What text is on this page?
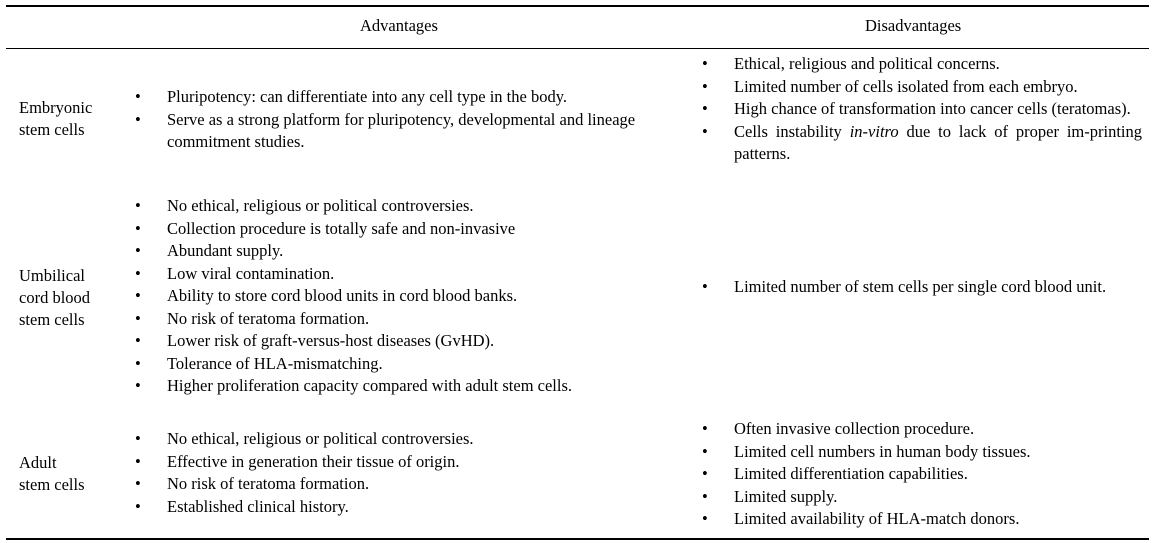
Advantages	Disadvantages
Embryonic
stem cells
• Pluripotency: can differentiate into any cell type in the body.
• Serve as a strong platform for pluripotency, developmental and lineage commitment studies.
• Ethical, religious and political concerns.
• Limited number of cells isolated from each embryo.
• High chance of transformation into cancer cells (teratomas).
• Cells instability in-vitro due to lack of proper im-printing patterns.
Umbilical
cord blood
stem cells
• No ethical, religious or political controversies.
• Collection procedure is totally safe and non-invasive
• Abundant supply.
• Low viral contamination.
• Ability to store cord blood units in cord blood banks.
• No risk of teratoma formation.
• Lower risk of graft-versus-host diseases (GvHD).
• Tolerance of HLA-mismatching.
• Higher proliferation capacity compared with adult stem cells.
• Limited number of stem cells per single cord blood unit.
Adult
stem cells
• No ethical, religious or political controversies.
• Effective in generation their tissue of origin.
• No risk of teratoma formation.
• Established clinical history.
• Often invasive collection procedure.
• Limited cell numbers in human body tissues.
• Limited differentiation capabilities.
• Limited supply.
• Limited availability of HLA-match donors.
